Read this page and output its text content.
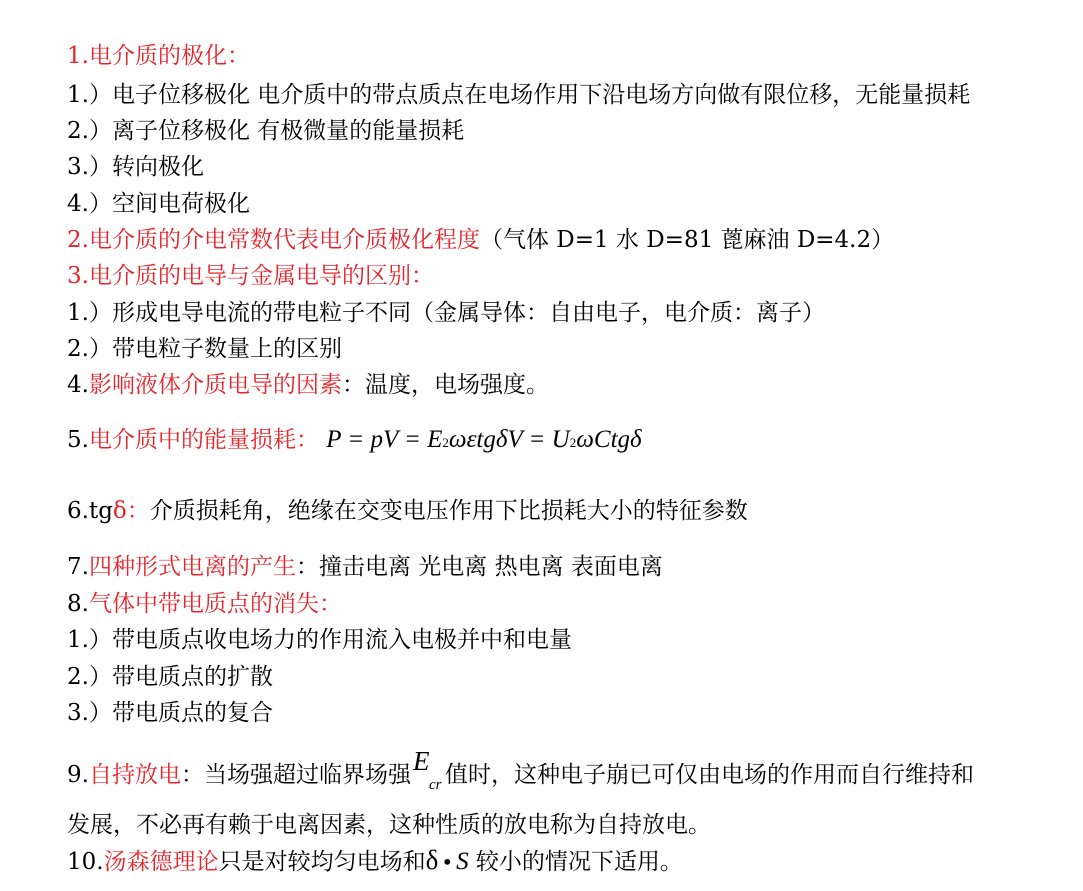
1.电介质的极化：
1.）电子位移极化 电介质中的带点质点在电场作用下沿电场方向做有限位移，无能量损耗
2.）离子位移极化 有极微量的能量损耗
3.）转向极化
4.）空间电荷极化
2.电介质的介电常数代表电介质极化程度（气体 D=1 水 D=81 蓖麻油 D=4.2）
3.电介质的电导与金属电导的区别：
1.）形成电导电流的带电粒子不同（金属导体：自由电子，电介质：离子）
2.）带电粒子数量上的区别
4.影响液体介质电导的因素：温度，电场强度。
5.电介质中的能量损耗： P = pV = E2ωεtgδV = U2ωCtgδ
6.tgδ：介质损耗角，绝缘在交变电压作用下比损耗大小的特征参数
7.四种形式电离的产生：撞击电离 光电离 热电离 表面电离
8.气体中带电质点的消失：
1.）带电质点收电场力的作用流入电极并中和电量
2.）带电质点的扩散
3.）带电质点的复合
9.自持放电：当场强超过临界场强 E
cr 值时，这种电子崩已可仅由电场的作用而自行维持和
发展，不必再有赖于电离因素，这种性质的放电称为自持放电。
10.汤森德理论只是对较均匀电场和δ • S 较小的情况下适用。
